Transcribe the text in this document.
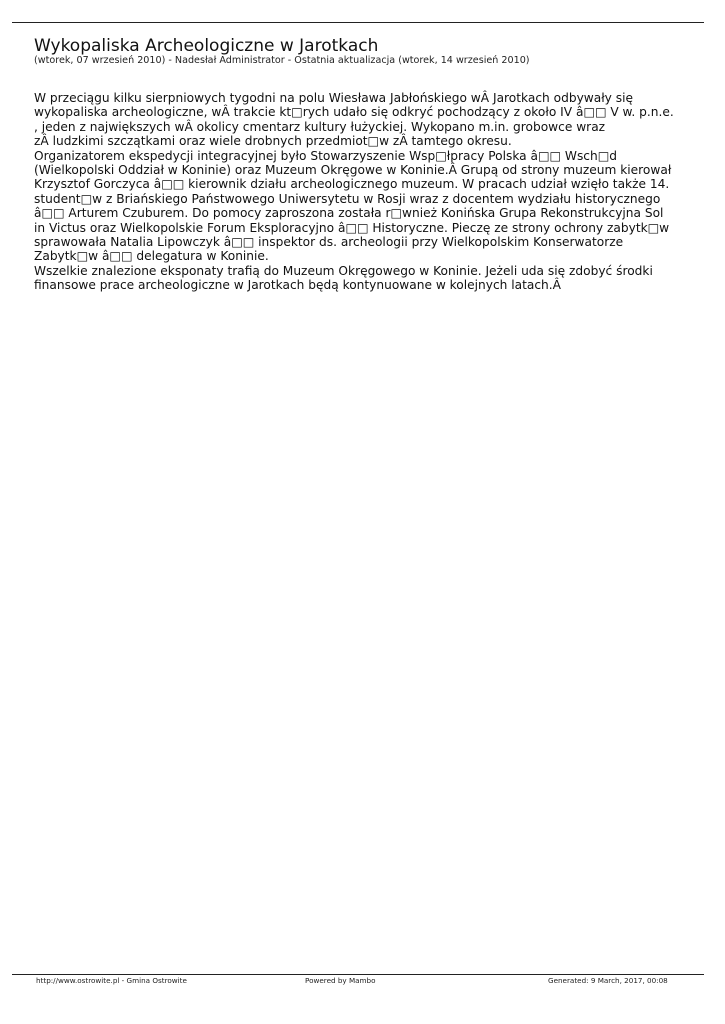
Wykopaliska Archeologiczne w Jarotkach
(wtorek, 07 wrzesień 2010) - Nadesłał Administrator - Ostatnia aktualizacja (wtorek, 14 wrzesień 2010)
W przeciągu kilku sierpniowych tygodni na polu Wiesława Jabłońskiego wÂ Jarotkach odbywały się
wykopaliska archeologiczne, wÂ trakcie kt□rych udało się odkryć pochodzący z około IV â□□ V w. p.n.e.
, jeden z największych wÂ okolicy cmentarz kultury łużyckiej. Wykopano m.in. grobowce wraz
zÂ ludzkimi szczątkami oraz wiele drobnych przedmiot□w zÂ tamtego okresu.
Organizatorem ekspedycji integracyjnej było Stowarzyszenie Wsp□łpracy Polska â□□ Wsch□d
(Wielkopolski Oddział w Koninie) oraz Muzeum Okręgowe w Koninie.Â Grupą od strony muzeum kierował
Krzysztof Gorczyca â□□ kierownik działu archeologicznego muzeum. W pracach udział wzięło także 14.
student□w z Briańskiego Państwowego Uniwersytetu w Rosji wraz z docentem wydziału historycznego
â□□ Arturem Czuburem. Do pomocy zaproszona została r□wnież Konińska Grupa Rekonstrukcyjna Sol
in Victus oraz Wielkopolskie Forum Eksploracyjno â□□ Historyczne. Pieczę ze strony ochrony zabytk□w
sprawowała Natalia Lipowczyk â□□ inspektor ds. archeologii przy Wielkopolskim Konserwatorze
Zabytk□w â□□ delegatura w Koninie.
Wszelkie znalezione eksponaty trafią do Muzeum Okręgowego w Koninie. Jeżeli uda się zdobyć środki
finansowe prace archeologiczne w Jarotkach będą kontynuowane w kolejnych latach.Â
http://www.ostrowite.pl - Gmina Ostrowite	Powered by Mambo	Generated: 9 March, 2017, 00:08
